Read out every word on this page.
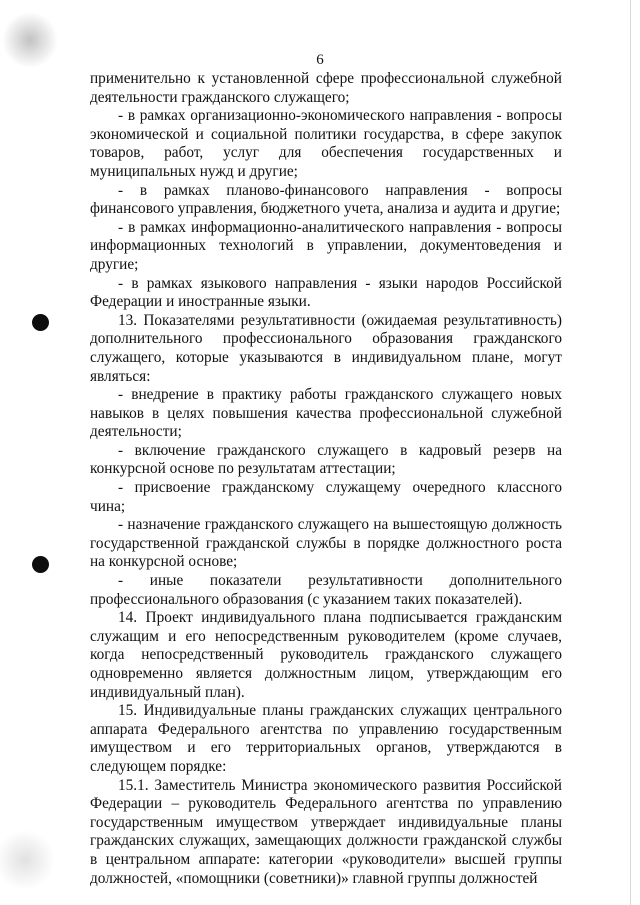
6

применительно к установленной сфере профессиональной служебной деятельности гражданского служащего;

- в рамках организационно-экономического направления - вопросы экономической и социальной политики государства, в сфере закупок товаров, работ, услуг для обеспечения государственных и муниципальных нужд и другие;

- в рамках планово-финансового направления - вопросы финансового управления, бюджетного учета, анализа и аудита и другие;

- в рамках информационно-аналитического направления - вопросы информационных технологий в управлении, документоведения и другие;

- в рамках языкового направления - языки народов Российской Федерации и иностранные языки.

13. Показателями результативности (ожидаемая результативность) дополнительного профессионального образования гражданского служащего, которые указываются в индивидуальном плане, могут являться:

- внедрение в практику работы гражданского служащего новых навыков в целях повышения качества профессиональной служебной деятельности;

- включение гражданского служащего в кадровый резерв на конкурсной основе по результатам аттестации;

- присвоение гражданскому служащему очередного классного чина;

- назначение гражданского служащего на вышестоящую должность государственной гражданской службы в порядке должностного роста на конкурсной основе;

- иные показатели результативности дополнительного профессионального образования (с указанием таких показателей).

14. Проект индивидуального плана подписывается гражданским служащим и его непосредственным руководителем (кроме случаев, когда непосредственный руководитель гражданского служащего одновременно является должностным лицом, утверждающим его индивидуальный план).

15. Индивидуальные планы гражданских служащих центрального аппарата Федерального агентства по управлению государственным имуществом и его территориальных органов, утверждаются в следующем порядке:

15.1. Заместитель Министра экономического развития Российской Федерации – руководитель Федерального агентства по управлению государственным имуществом утверждает индивидуальные планы гражданских служащих, замещающих должности гражданской службы в центральном аппарате: категории «руководители» высшей группы должностей, «помощники (советники)» главной группы должностей
